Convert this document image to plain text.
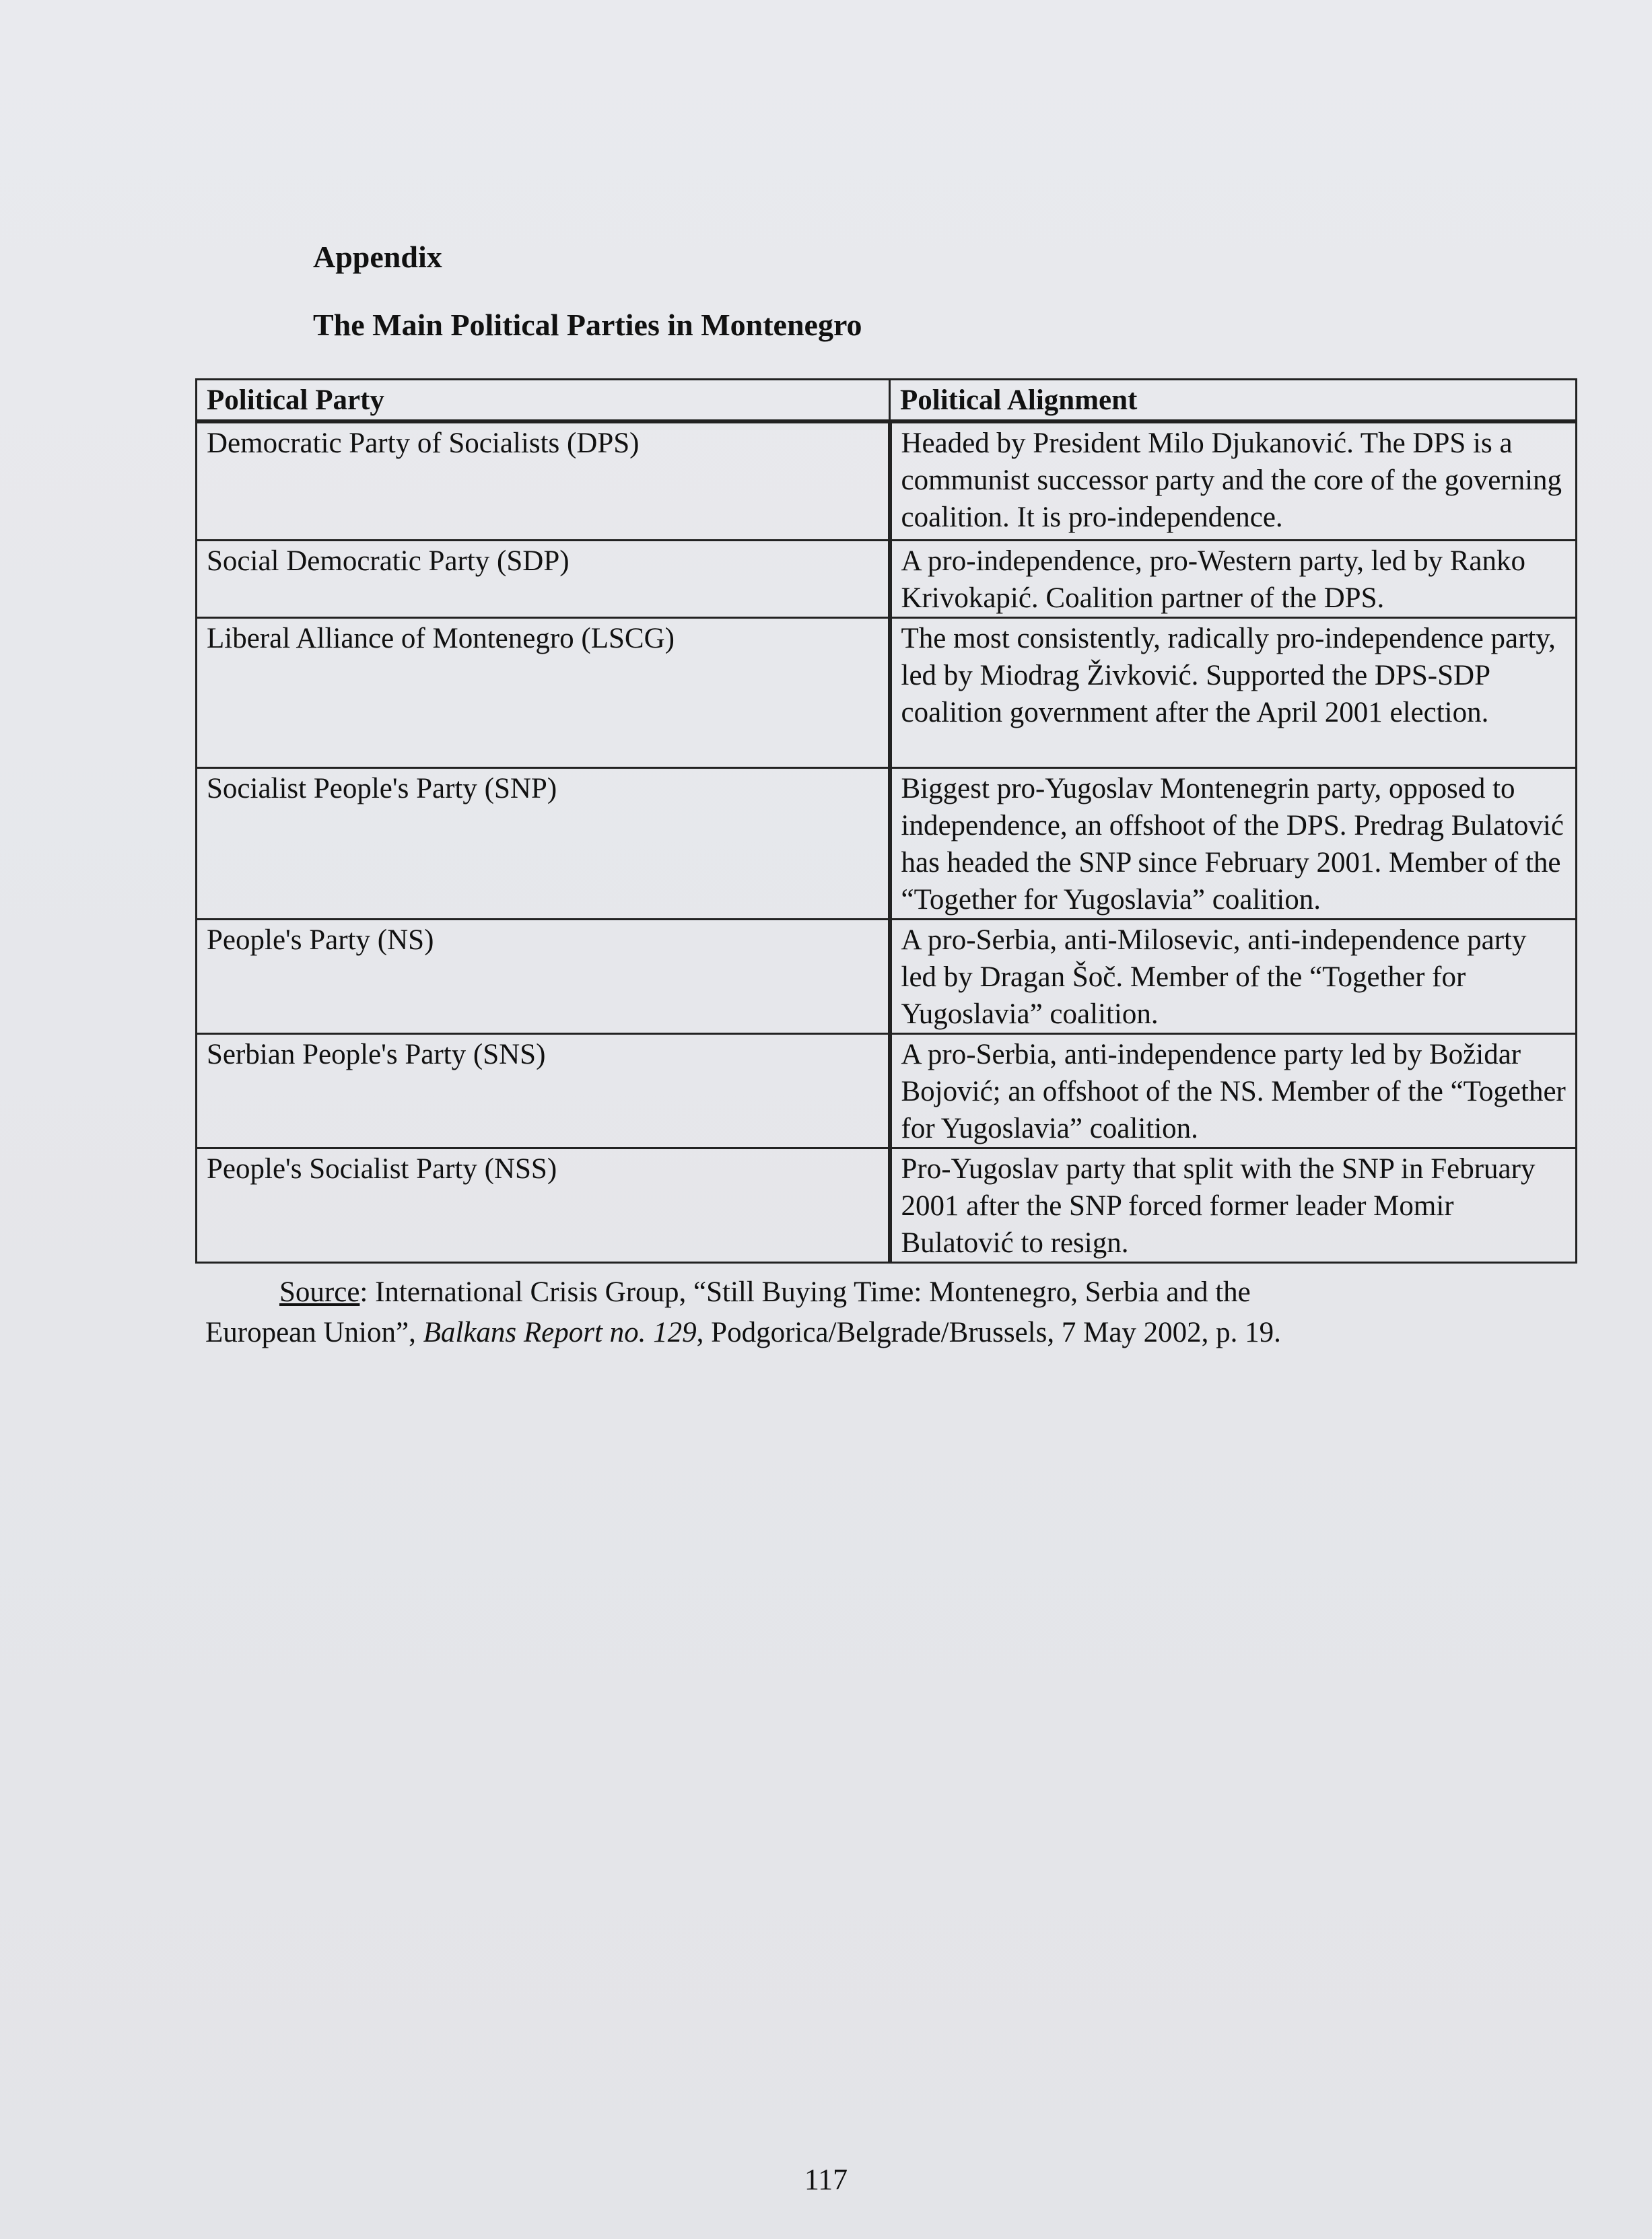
Appendix
The Main Political Parties in Montenegro
Political Party	Political Alignment
Democratic Party of Socialists (DPS)	Headed by President Milo Djukanović. The DPS is a communist successor party and the core of the governing coalition. It is pro-independence.
Social Democratic Party (SDP)	A pro-independence, pro-Western party, led by Ranko Krivokapić. Coalition partner of the DPS.
Liberal Alliance of Montenegro (LSCG)	The most consistently, radically pro-independence party, led by Miodrag Živković. Supported the DPS-SDP coalition government after the April 2001 election.
Socialist People's Party (SNP)	Biggest pro-Yugoslav Montenegrin party, opposed to independence, an offshoot of the DPS. Predrag Bulatović has headed the SNP since February 2001. Member of the “Together for Yugoslavia” coalition.
People's Party (NS)	A pro-Serbia, anti-Milosevic, anti-independence party led by Dragan Šoč. Member of the “Together for Yugoslavia” coalition.
Serbian People's Party (SNS)	A pro-Serbia, anti-independence party led by Božidar Bojović; an offshoot of the NS. Member of the “Together for Yugoslavia” coalition.
People's Socialist Party (NSS)	Pro-Yugoslav party that split with the SNP in February 2001 after the SNP forced former leader Momir Bulatović to resign.
Source: International Crisis Group, “Still Buying Time: Montenegro, Serbia and the
European Union”, Balkans Report no. 129, Podgorica/Belgrade/Brussels, 7 May 2002, p. 19.
117
